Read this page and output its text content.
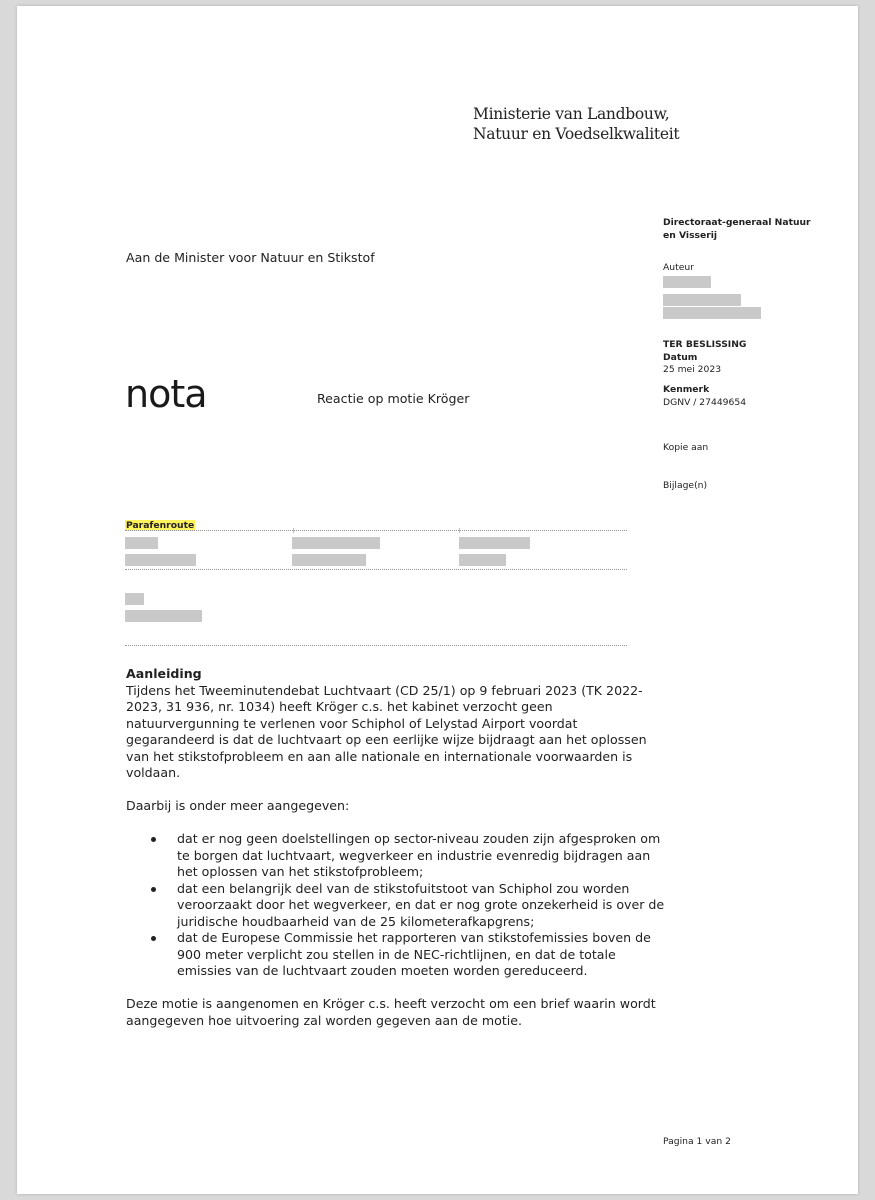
Ministerie van Landbouw,
Natuur en Voedselkwaliteit
Directoraat-generaal Natuur
en Visserij
Auteur
TER BESLISSING
Datum
25 mei 2023
Kenmerk
DGNV / 27449654
Kopie aan
Bijlage(n)
Aan de Minister voor Natuur en Stikstof
nota	Reactie op motie Kröger
Parafenroute
Aanleiding
Tijdens het Tweeminutendebat Luchtvaart (CD 25/1) op 9 februari 2023 (TK 2022-2023, 31 936, nr. 1034) heeft Kröger c.s. het kabinet verzocht geen natuurvergunning te verlenen voor Schiphol of Lelystad Airport voordat gegarandeerd is dat de luchtvaart op een eerlijke wijze bijdraagt aan het oplossen van het stikstofprobleem en aan alle nationale en internationale voorwaarden is voldaan.
Daarbij is onder meer aangegeven:
dat er nog geen doelstellingen op sector-niveau zouden zijn afgesproken om te borgen dat luchtvaart, wegverkeer en industrie evenredig bijdragen aan het oplossen van het stikstofprobleem;
dat een belangrijk deel van de stikstofuitstoot van Schiphol zou worden veroorzaakt door het wegverkeer, en dat er nog grote onzekerheid is over de juridische houdbaarheid van de 25 kilometerafkapgrens;
dat de Europese Commissie het rapporteren van stikstofemissies boven de 900 meter verplicht zou stellen in de NEC-richtlijnen, en dat de totale emissies van de luchtvaart zouden moeten worden gereduceerd.
Deze motie is aangenomen en Kröger c.s. heeft verzocht om een brief waarin wordt aangegeven hoe uitvoering zal worden gegeven aan de motie.
Pagina 1 van 2
